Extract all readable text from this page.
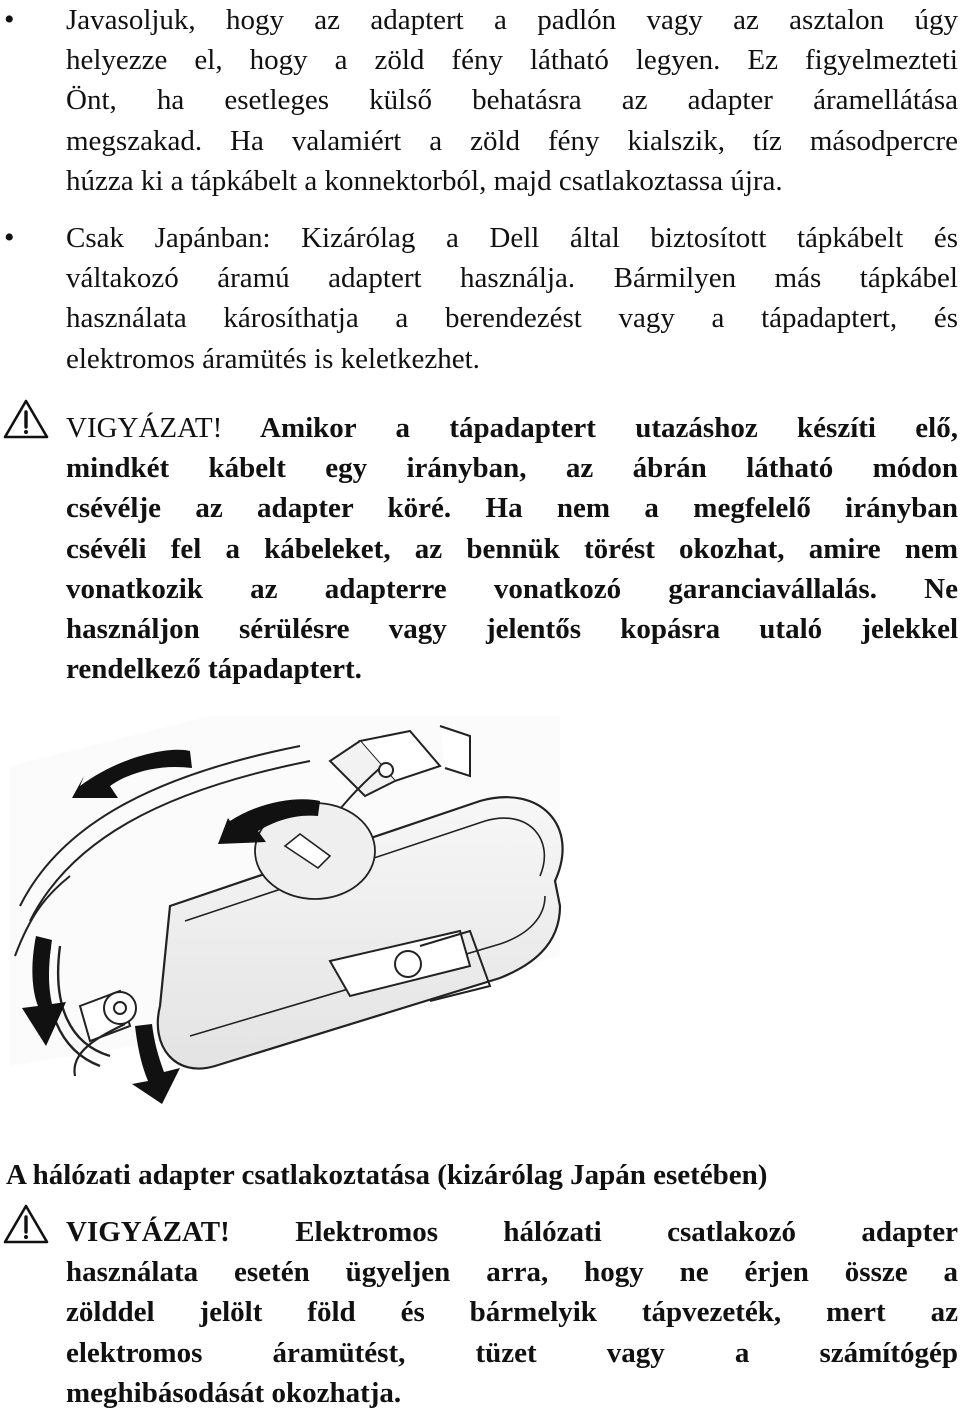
• Javasoljuk, hogy az adaptert a padlón vagy az asztalon úgy
helyezze el, hogy a zöld fény látható legyen. Ez figyelmezteti
Önt, ha esetleges külső behatásra az adapter áramellátása
megszakad. Ha valamiért a zöld fény kialszik, tíz másodpercre
húzza ki a tápkábelt a konnektorból, majd csatlakoztassa újra.

• Csak Japánban: Kizárólag a Dell által biztosított tápkábelt és
váltakozó áramú adaptert használja. Bármilyen más tápkábel
használata károsíthatja a berendezést vagy a tápadaptert, és
elektromos áramütés is keletkezhet.

VIGYÁZAT! Amikor a tápadaptert utazáshoz készíti elő,
mindkét kábelt egy irányban, az ábrán látható módon
csévélje az adapter köré. Ha nem a megfelelő irányban
csévéli fel a kábeleket, az bennük törést okozhat, amire nem
vonatkozik az adapterre vonatkozó garanciavállalás. Ne
használjon sérülésre vagy jelentős kopásra utaló jelekkel
rendelkező tápadaptert.

A hálózati adapter csatlakoztatása (kizárólag Japán esetében)

VIGYÁZAT! Elektromos hálózati csatlakozó adapter
használata esetén ügyeljen arra, hogy ne érjen össze a
zölddel jelölt föld és bármelyik tápvezeték, mert az
elektromos áramütést, tüzet vagy a számítógép
meghibásodását okozhatja.
